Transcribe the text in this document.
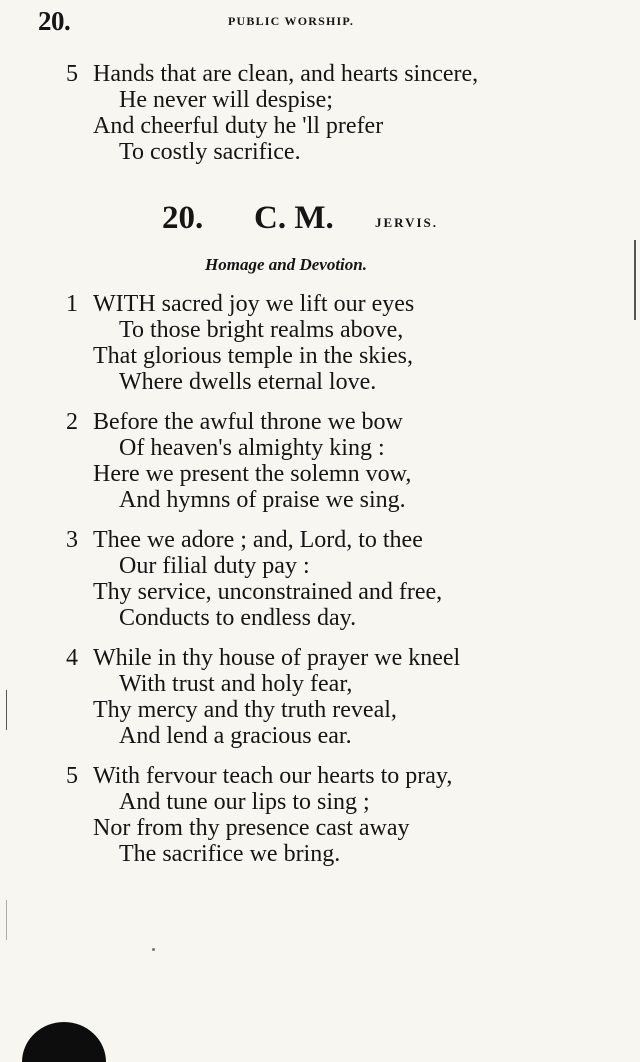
20.	PUBLIC WORSHIP.
5 Hands that are clean, and hearts sincere,
He never will despise;
And cheerful duty he 'll prefer
To costly sacrifice.
20. C. M.	JERVIS.
Homage and Devotion.
1 WITH sacred joy we lift our eyes
To those bright realms above,
That glorious temple in the skies,
Where dwells eternal love.
2 Before the awful throne we bow
Of heaven's almighty king :
Here we present the solemn vow,
And hymns of praise we sing.
3 Thee we adore ; and, Lord, to thee
Our filial duty pay :
Thy service, unconstrained and free,
Conducts to endless day.
4 While in thy house of prayer we kneel
With trust and holy fear,
Thy mercy and thy truth reveal,
And lend a gracious ear.
5 With fervour teach our hearts to pray,
And tune our lips to sing ;
Nor from thy presence cast away
The sacrifice we bring.
